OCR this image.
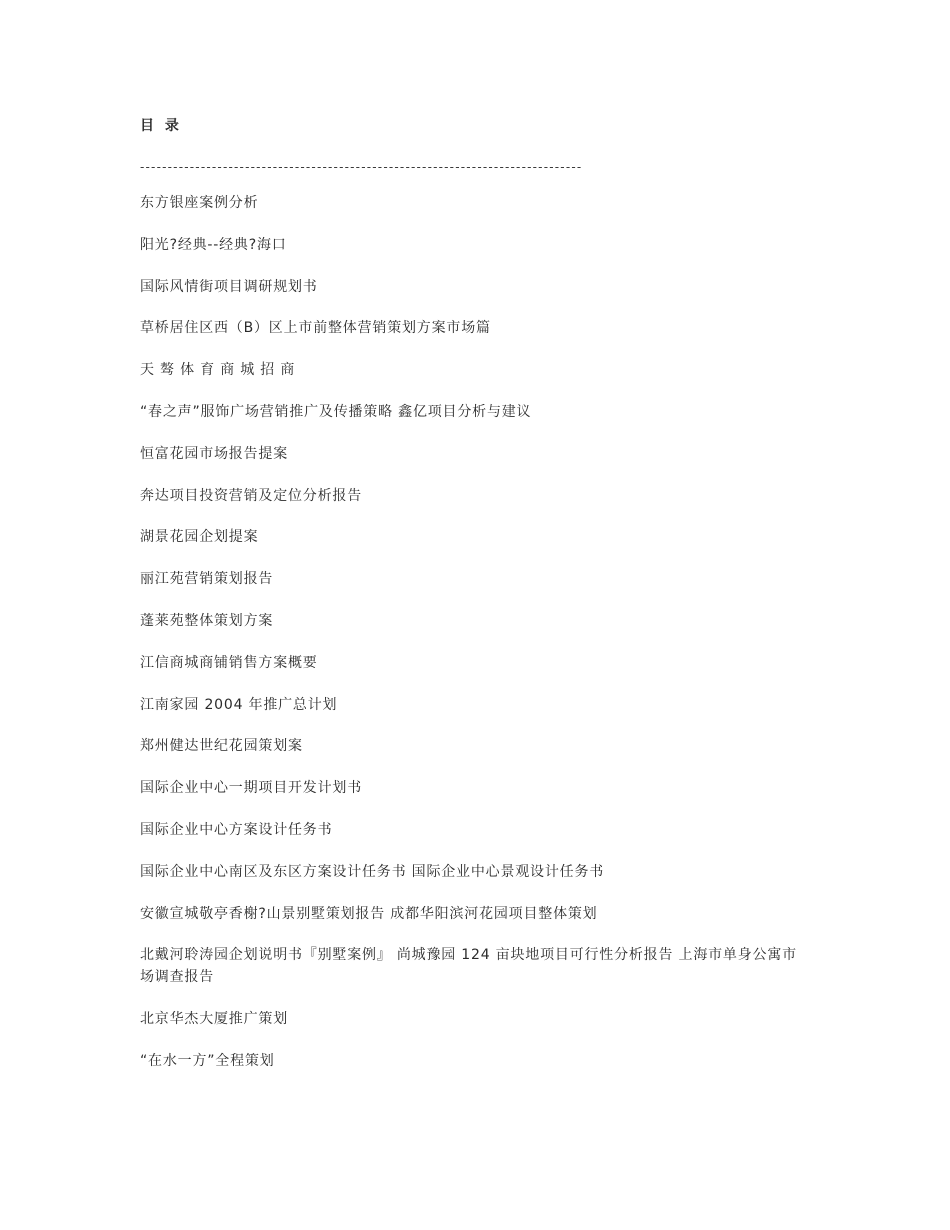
目 录
--------------------------------------------------------------------------------
东方银座案例分析
阳光?经典--经典?海口
国际风情街项目调研规划书
草桥居住区西（B）区上市前整体营销策划方案市场篇
天 骜 体 育 商 城 招 商
“春之声”服饰广场营销推广及传播策略 鑫亿项目分析与建议
恒富花园市场报告提案
奔达项目投资营销及定位分析报告
湖景花园企划提案
丽江苑营销策划报告
蓬莱苑整体策划方案
江信商城商铺销售方案概要
江南家园 2004 年推广总计划
郑州健达世纪花园策划案
国际企业中心一期项目开发计划书
国际企业中心方案设计任务书
国际企业中心南区及东区方案设计任务书 国际企业中心景观设计任务书
安徽宣城敬亭香榭?山景别墅策划报告 成都华阳滨河花园项目整体策划
北戴河聆涛园企划说明书『别墅案例』 尚城豫园 124 亩块地项目可行性分析报告 上海市单身公寓市场调查报告
北京华杰大厦推广策划
“在水一方”全程策划
